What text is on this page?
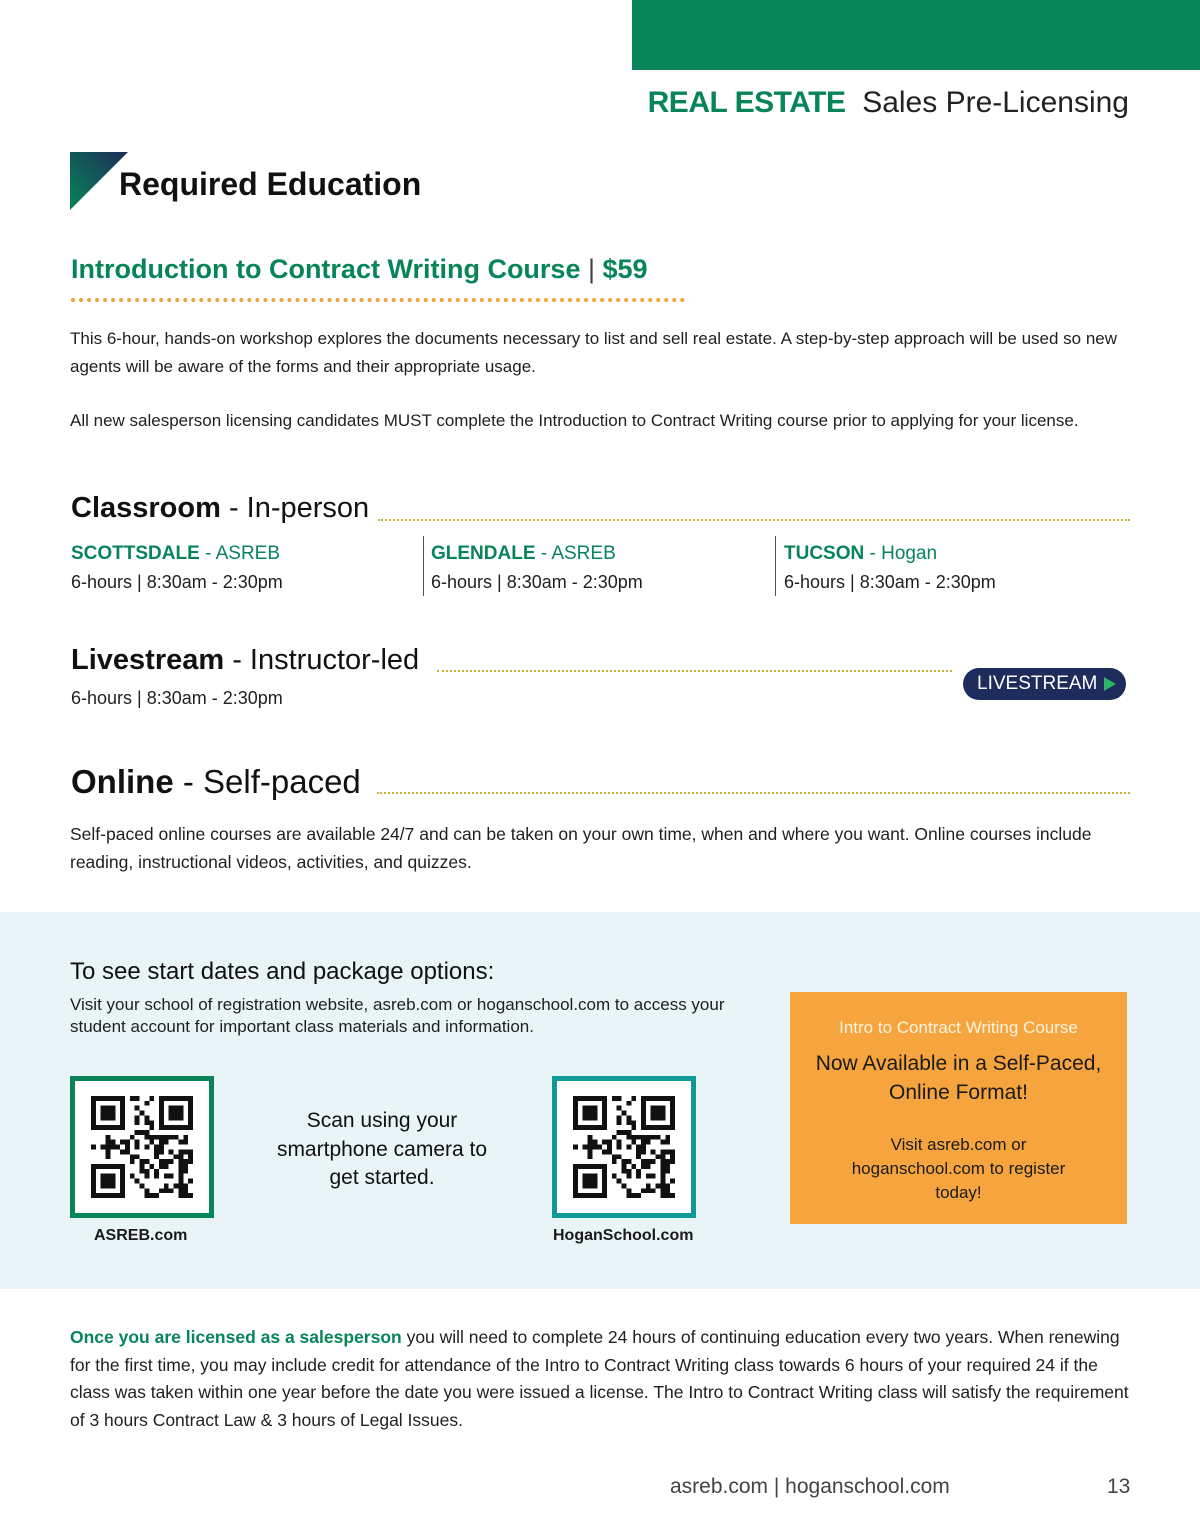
REAL ESTATE Sales Pre-Licensing
Required Education
Introduction to Contract Writing Course | $59

This 6-hour, hands-on workshop explores the documents necessary to list and sell real estate. A step-by-step approach will be used so new agents will be aware of the forms and their appropriate usage.

All new salesperson licensing candidates MUST complete the Introduction to Contract Writing course prior to applying for your license.

Classroom - In-person
SCOTTSDALE - ASREB
6-hours | 8:30am - 2:30pm
GLENDALE - ASREB
6-hours | 8:30am - 2:30pm
TUCSON - Hogan
6-hours | 8:30am - 2:30pm
Livestream - Instructor-led
6-hours | 8:30am - 2:30pm
LIVESTREAM
Online - Self-paced

Self-paced online courses are available 24/7 and can be taken on your own time, when and where you want. Online courses include reading, instructional videos, activities, and quizzes.

To see start dates and package options:

Visit your school of registration website, asreb.com or hoganschool.com to access your student account for important class materials and information.

ASREB.com
Scan using your smartphone camera to get started.
HoganSchool.com
Intro to Contract Writing Course
Now Available in a Self-Paced, Online Format!
Visit asreb.com or hoganschool.com to register today!

Once you are licensed as a salesperson you will need to complete 24 hours of continuing education every two years. When renewing for the first time, you may include credit for attendance of the Intro to Contract Writing class towards 6 hours of your required 24 if the class was taken within one year before the date you were issued a license. The Intro to Contract Writing class will satisfy the requirement of 3 hours Contract Law & 3 hours of Legal Issues.

asreb.com | hoganschool.com	13
